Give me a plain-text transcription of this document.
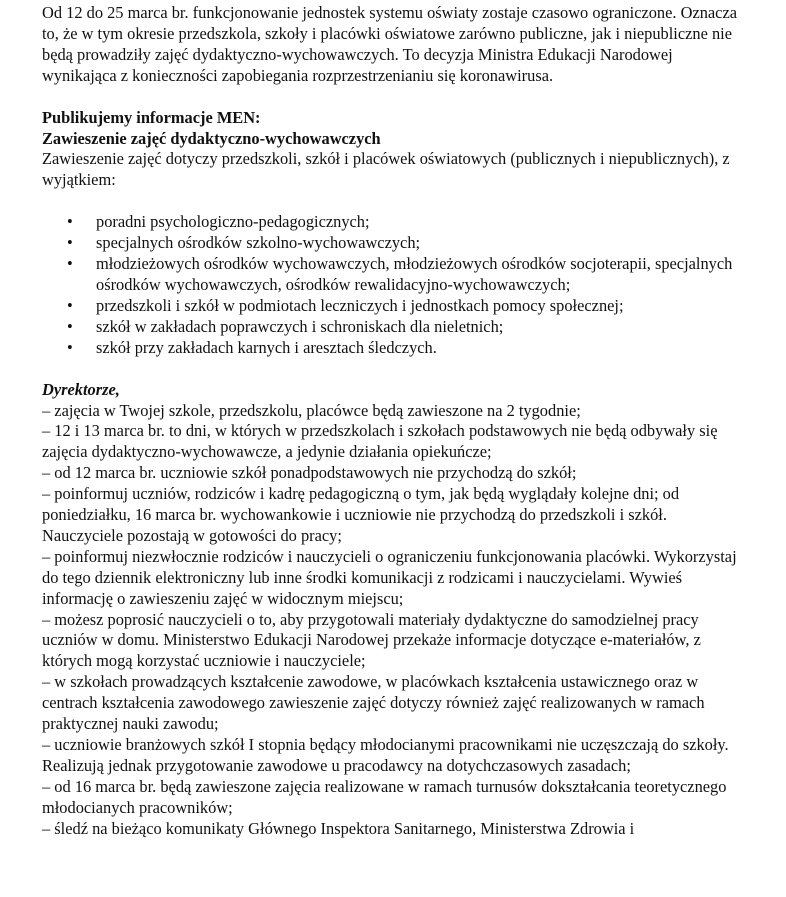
Od 12 do 25 marca br. funkcjonowanie jednostek systemu oświaty zostaje czasowo ograniczone. Oznacza to, że w tym okresie przedszkola, szkoły i placówki oświatowe zarówno publiczne, jak i niepubliczne nie będą prowadziły zajęć dydaktyczno-wychowawczych. To decyzja Ministra Edukacji Narodowej wynikająca z konieczności zapobiegania rozprzestrzenianiu się koronawirusa.

Publikujemy informacje MEN:

Zawieszenie zajęć dydaktyczno-wychowawczych

Zawieszenie zajęć dotyczy przedszkoli, szkół i placówek oświatowych (publicznych i niepublicznych), z wyjątkiem:

• poradni psychologiczno-pedagogicznych;
• specjalnych ośrodków szkolno-wychowawczych;
• młodzieżowych ośrodków wychowawczych, młodzieżowych ośrodków socjoterapii, specjalnych ośrodków wychowawczych, ośrodków rewalidacyjno-wychowawczych;
• przedszkoli i szkół w podmiotach leczniczych i jednostkach pomocy społecznej;
• szkół w zakładach poprawczych i schroniskach dla nieletnich;
• szkół przy zakładach karnych i aresztach śledczych.

Dyrektorze,

– zajęcia w Twojej szkole, przedszkolu, placówce będą zawieszone na 2 tygodnie;

– 12 i 13 marca br. to dni, w których w przedszkolach i szkołach podstawowych nie będą odbywały się zajęcia dydaktyczno-wychowawcze, a jedynie działania opiekuńcze;

– od 12 marca br. uczniowie szkół ponadpodstawowych nie przychodzą do szkół;

– poinformuj uczniów, rodziców i kadrę pedagogiczną o tym, jak będą wyglądały kolejne dni; od poniedziałku, 16 marca br. wychowankowie i uczniowie nie przychodzą do przedszkoli i szkół. Nauczyciele pozostają w gotowości do pracy;

– poinformuj niezwłocznie rodziców i nauczycieli o ograniczeniu funkcjonowania placówki. Wykorzystaj do tego dziennik elektroniczny lub inne środki komunikacji z rodzicami i nauczycielami. Wywieś informację o zawieszeniu zajęć w widocznym miejscu;

– możesz poprosić nauczycieli o to, aby przygotowali materiały dydaktyczne do samodzielnej pracy uczniów w domu. Ministerstwo Edukacji Narodowej przekaże informacje dotyczące e-materiałów, z których mogą korzystać uczniowie i nauczyciele;

– w szkołach prowadzących kształcenie zawodowe, w placówkach kształcenia ustawicznego oraz w centrach kształcenia zawodowego zawieszenie zajęć dotyczy również zajęć realizowanych w ramach praktycznej nauki zawodu;

– uczniowie branżowych szkół I stopnia będący młodocianymi pracownikami nie uczęszczają do szkoły. Realizują jednak przygotowanie zawodowe u pracodawcy na dotychczasowych zasadach;

– od 16 marca br. będą zawieszone zajęcia realizowane w ramach turnusów dokształcania teoretycznego młodocianych pracowników;

– śledź na bieżąco komunikaty Głównego Inspektora Sanitarnego, Ministerstwa Zdrowia i
